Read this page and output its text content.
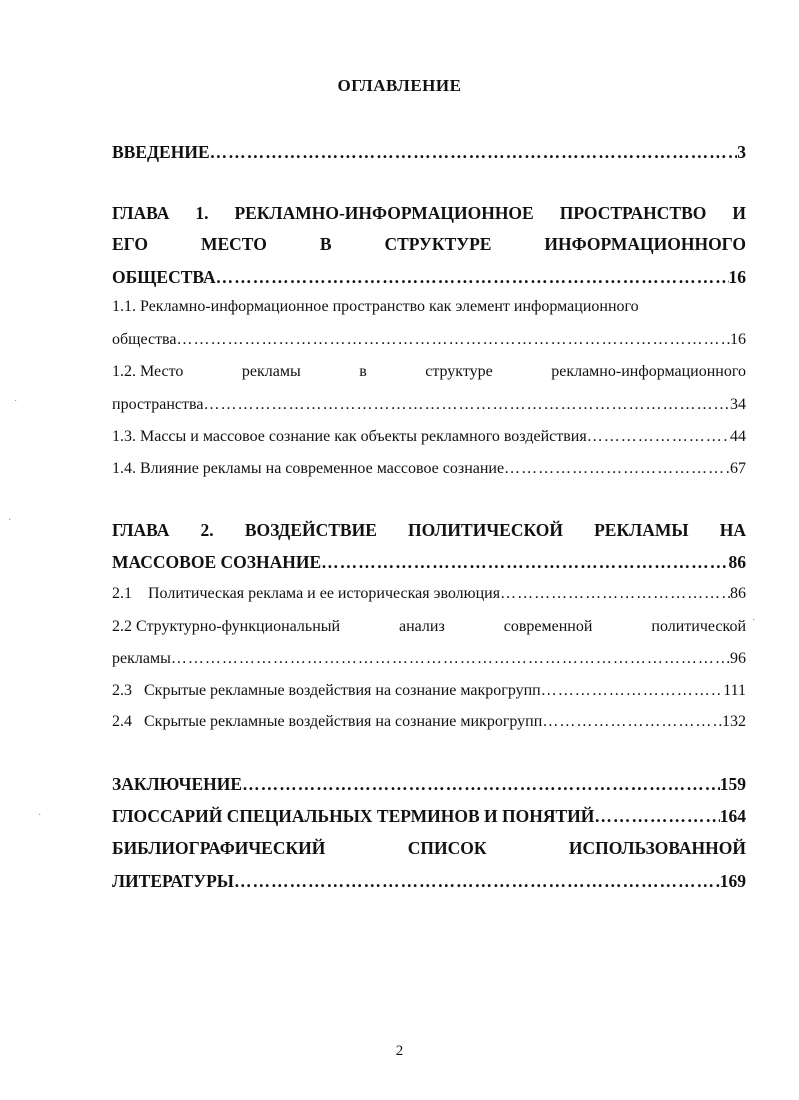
ОГЛАВЛЕНИЕ
ВВЕДЕНИЕ ……………………………………………………………………………………………………………………………………………………………………………………	3
ГЛАВА 1. РЕКЛАМНО-ИНФОРМАЦИОННОЕ ПРОСТРАНСТВО И
ЕГО	МЕСТО	В	СТРУКТУРЕ	ИНФОРМАЦИОННОГО
ОБЩЕСТВА ……………………………………………………………………………………………………………………………………………………………………………………	16
1.1. Рекламно-информационное пространство как элемент информационного
общества ……………………………………………………………………………………………………………………………………………………………………………………	16
1.2. Место	рекламы	в	структуре	рекламно-информационного
пространства ……………………………………………………………………………………………………………………………………………………………………………………	34
1.3. Массы и массовое сознание как объекты рекламного воздействия ……………………………………………………………………………………………………………………………………………………………………………………	44
1.4. Влияние рекламы на современное массовое сознание ……………………………………………………………………………………………………………………………………………………………………………………	67
ГЛАВА 2. ВОЗДЕЙСТВИЕ ПОЛИТИЧЕСКОЙ РЕКЛАМЫ НА
МАССОВОЕ СОЗНАНИЕ ……………………………………………………………………………………………………………………………………………………………………………………	86
2.1    Политическая реклама и ее историческая эволюция ……………………………………………………………………………………………………………………………………………………………………………………	86
2.2 Структурно-функциональный	анализ	современной	политической
рекламы ……………………………………………………………………………………………………………………………………………………………………………………	96
2.3   Скрытые рекламные воздействия на сознание макрогрупп ……………………………………………………………………………………………………………………………………………………………………………………	111
2.4   Скрытые рекламные воздействия на сознание микрогрупп ……………………………………………………………………………………………………………………………………………………………………………………	132
ЗАКЛЮЧЕНИЕ ……………………………………………………………………………………………………………………………………………………………………………………	159
ГЛОССАРИЙ СПЕЦИАЛЬНЫХ ТЕРМИНОВ И ПОНЯТИЙ ……………………………………………………………………………………………………………………………………………………………………………………	164
БИБЛИОГРАФИЧЕСКИЙ	СПИСОК	ИСПОЛЬЗОВАННОЙ
ЛИТЕРАТУРЫ ……………………………………………………………………………………………………………………………………………………………………………………	169
2
·
·
·
·
